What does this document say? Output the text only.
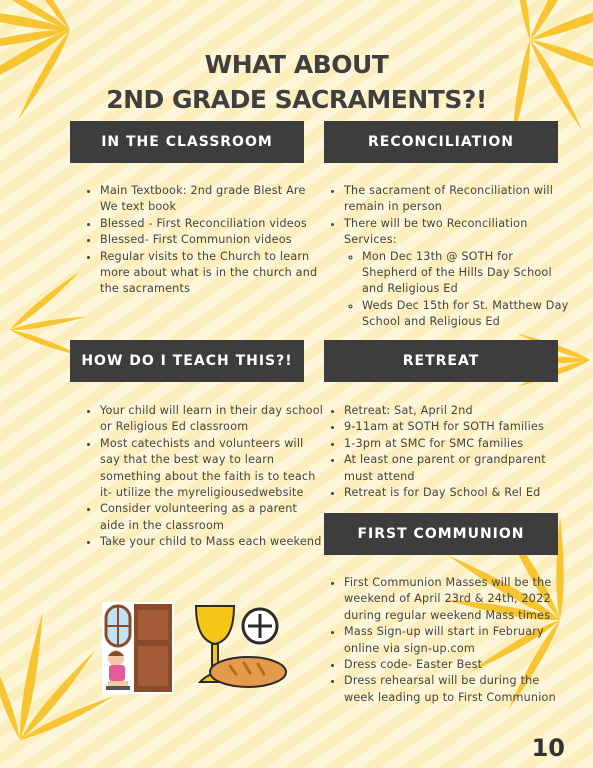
WHAT ABOUT
2ND GRADE SACRAMENTS?!
IN THE CLASSROOM
• Main Textbook: 2nd grade Blest Are We text book
• Blessed - First Reconciliation videos
• Blessed- First Communion videos
• Regular visits to the Church to learn more about what is in the church and the sacraments
RECONCILIATION
• The sacrament of Reconciliation will remain in person
• There will be two Reconciliation Services:
◦ Mon Dec 13th @ SOTH for Shepherd of the Hills Day School and Religious Ed
◦ Weds Dec 15th for St. Matthew Day School and Religious Ed
HOW DO I TEACH THIS?!
• Your child will learn in their day school or Religious Ed classroom
• Most catechists and volunteers will say that the best way to learn something about the faith is to teach it- utilize the myreligiousedwebsite
• Consider volunteering as a parent aide in the classroom
• Take your child to Mass each weekend
RETREAT
• Retreat: Sat, April 2nd
• 9-11am at SOTH for SOTH families
• 1-3pm at SMC for SMC families
• At least one parent or grandparent must attend
• Retreat is for Day School & Rel Ed
FIRST COMMUNION
• First Communion Masses will be the weekend of April 23rd & 24th, 2022 during regular weekend Mass times
• Mass Sign-up will start in February online via sign-up.com
• Dress code- Easter Best
• Dress rehearsal will be during the week leading up to First Communion
10
